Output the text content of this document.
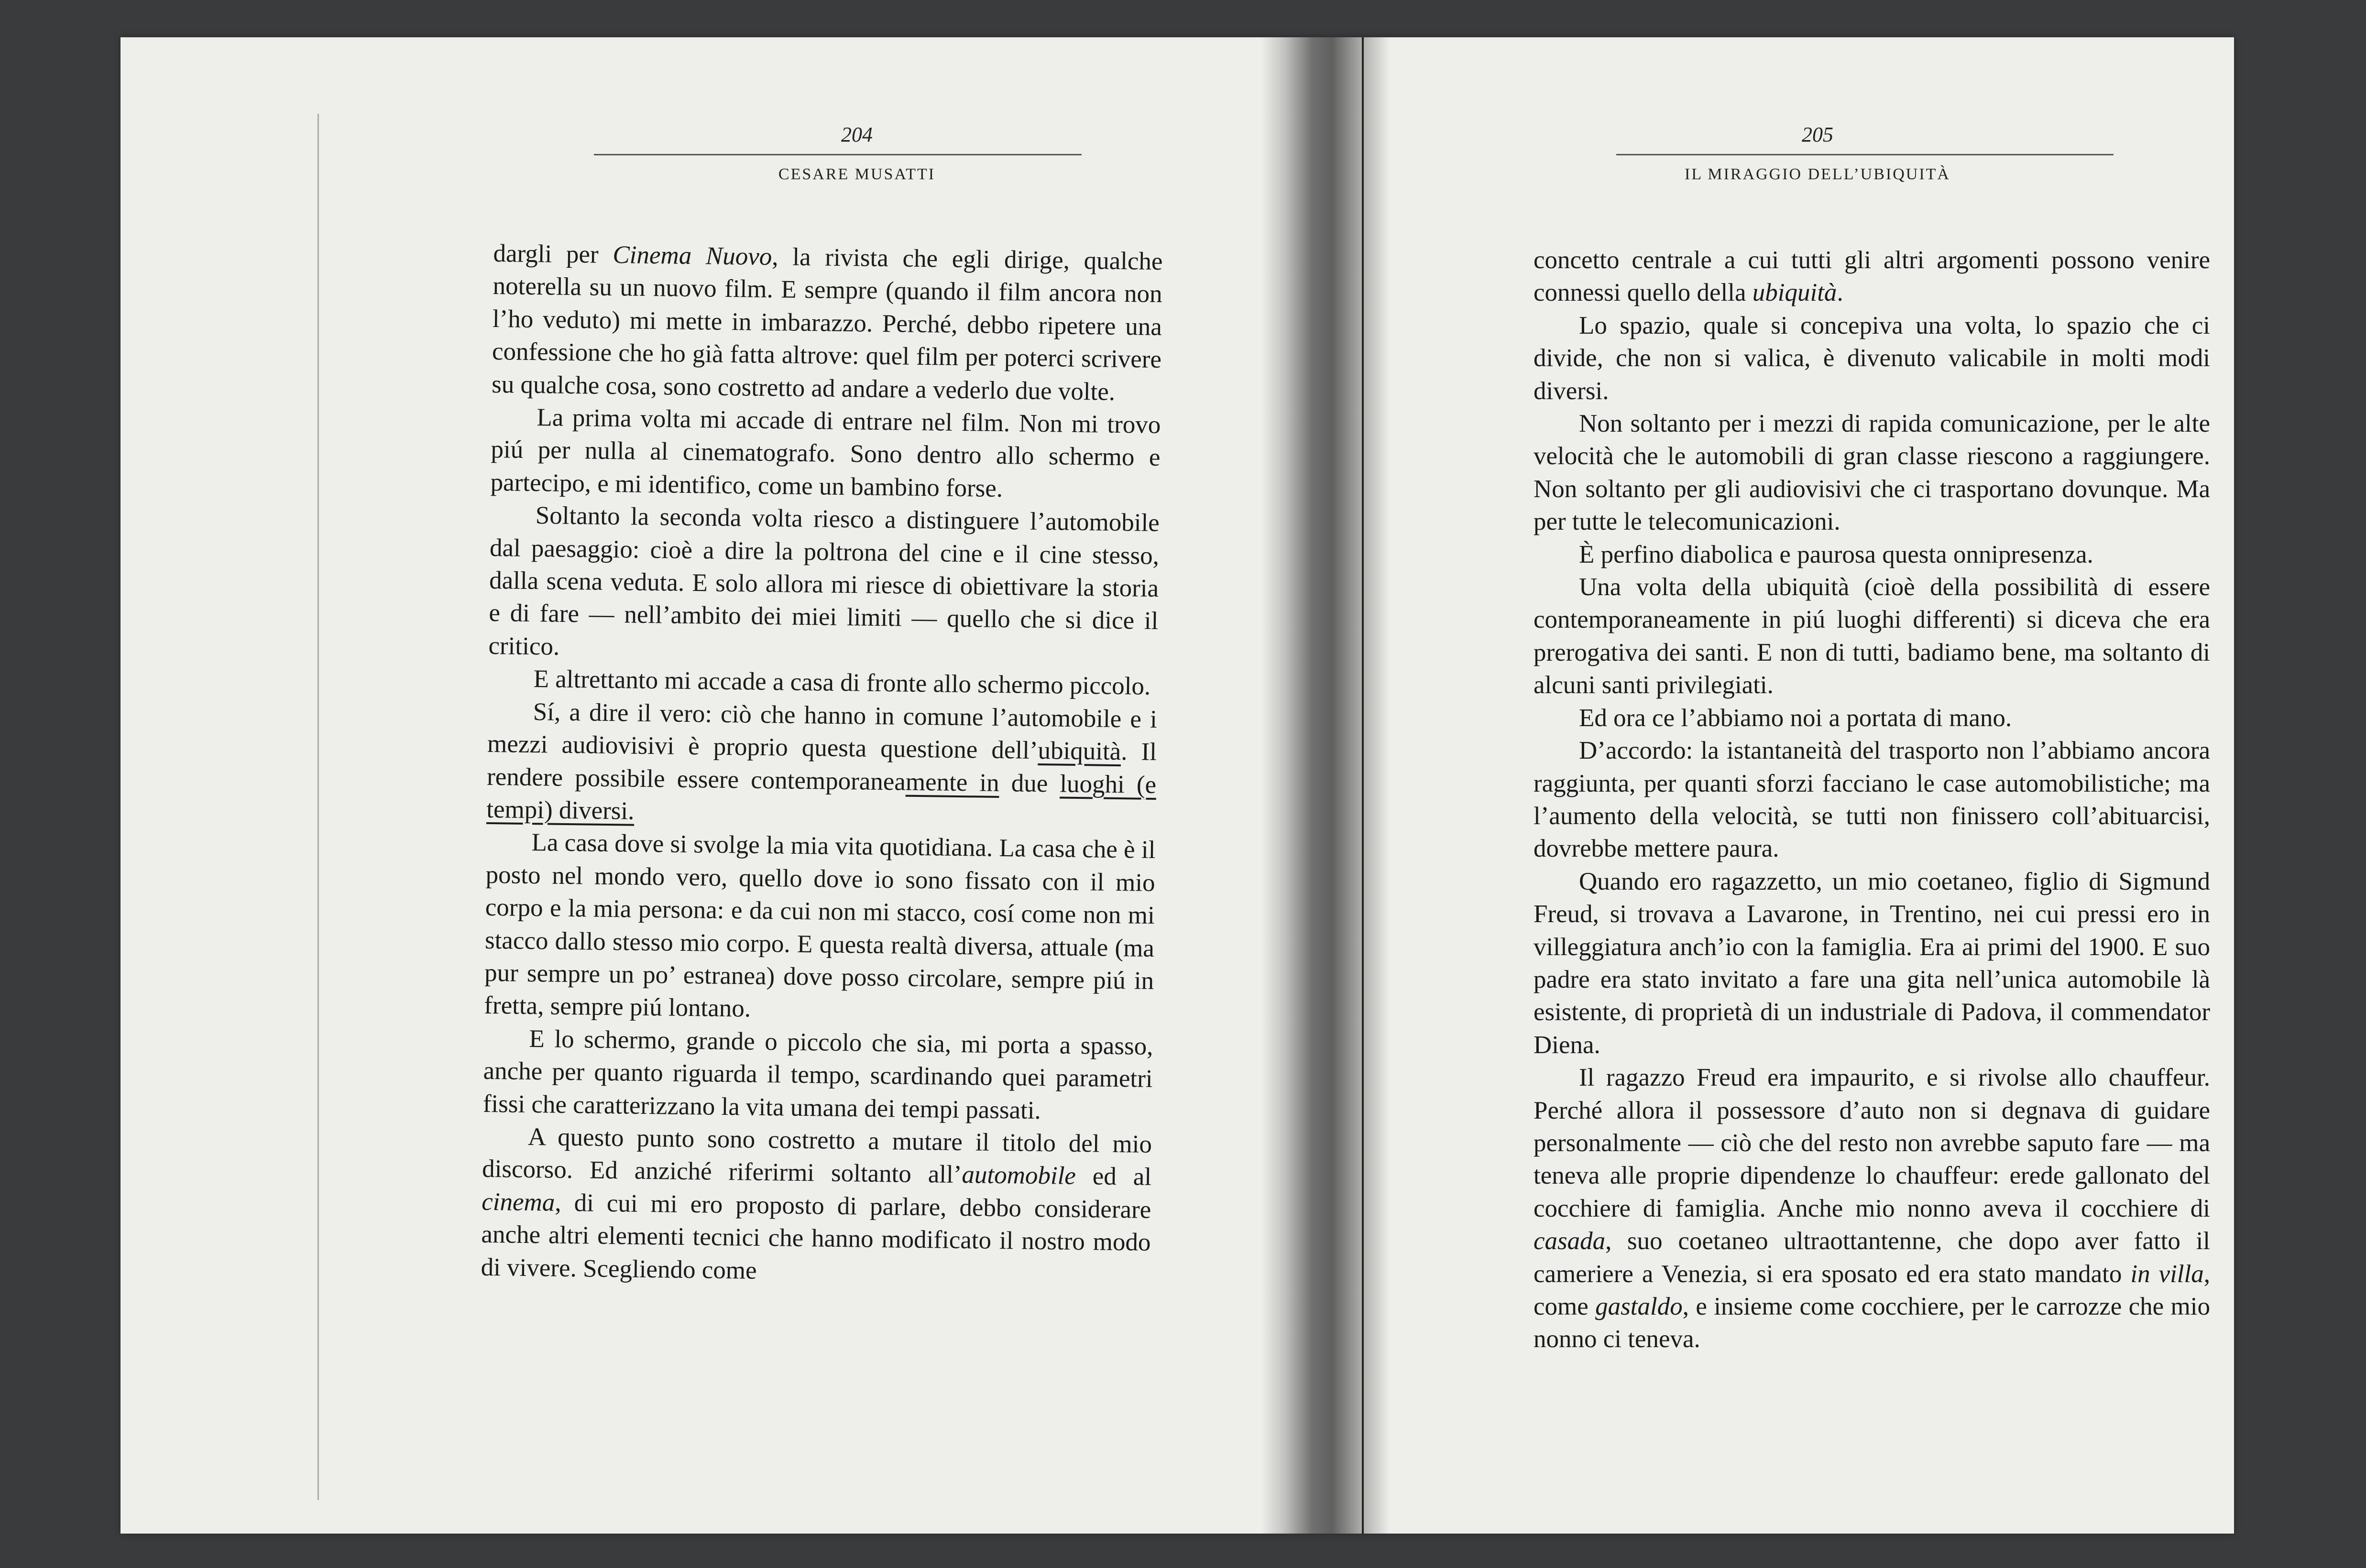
204
CESARE MUSATTI

dargli per Cinema Nuovo, la rivista che egli dirige, qualche noterella su un nuovo film. E sempre (quando il film ancora non l’ho veduto) mi mette in imbarazzo. Perché, debbo ripetere una confessione che ho già fatta altrove: quel film per poterci scrivere su qualche cosa, sono costretto ad andare a vederlo due volte.

La prima volta mi accade di entrare nel film. Non mi trovo piú per nulla al cinematografo. Sono dentro allo schermo e partecipo, e mi identifico, come un bambino forse.

Soltanto la seconda volta riesco a distinguere l’automobile dal paesaggio: cioè a dire la poltrona del cine e il cine stesso, dalla scena veduta. E solo allora mi riesce di obiettivare la storia e di fare — nell’ambito dei miei limiti — quello che si dice il critico.

E altrettanto mi accade a casa di fronte allo schermo piccolo.

Sí, a dire il vero: ciò che hanno in comune l’automobile e i mezzi audiovisivi è proprio questa questione dell’ubiquità. Il rendere possibile essere contemporaneamente in due luoghi (e tempi) diversi.

La casa dove si svolge la mia vita quotidiana. La casa che è il posto nel mondo vero, quello dove io sono fissato con il mio corpo e la mia persona: e da cui non mi stacco, cosí come non mi stacco dallo stesso mio corpo. E questa realtà diversa, attuale (ma pur sempre un po’ estranea) dove posso circolare, sempre piú in fretta, sempre piú lontano.

E lo schermo, grande o piccolo che sia, mi porta a spasso, anche per quanto riguarda il tempo, scardinando quei parametri fissi che caratterizzano la vita umana dei tempi passati.

A questo punto sono costretto a mutare il titolo del mio discorso. Ed anziché riferirmi soltanto all’automobile ed al cinema, di cui mi ero proposto di parlare, debbo considerare anche altri elementi tecnici che hanno modificato il nostro modo di vivere. Scegliendo come

205
IL MIRAGGIO DELL’UBIQUITÀ

concetto centrale a cui tutti gli altri argomenti possono venire connessi quello della ubiquità.

Lo spazio, quale si concepiva una volta, lo spazio che ci divide, che non si valica, è divenuto valicabile in molti modi diversi.

Non soltanto per i mezzi di rapida comunicazione, per le alte velocità che le automobili di gran classe riescono a raggiungere. Non soltanto per gli audiovisivi che ci trasportano dovunque. Ma per tutte le telecomunicazioni.

È perfino diabolica e paurosa questa onnipresenza.

Una volta della ubiquità (cioè della possibilità di essere contemporaneamente in piú luoghi differenti) si diceva che era prerogativa dei santi. E non di tutti, badiamo bene, ma soltanto di alcuni santi privilegiati.

Ed ora ce l’abbiamo noi a portata di mano.

D’accordo: la istantaneità del trasporto non l’abbiamo ancora raggiunta, per quanti sforzi facciano le case automobilistiche; ma l’aumento della velocità, se tutti non finissero coll’abituarcisi, dovrebbe mettere paura.

Quando ero ragazzetto, un mio coetaneo, figlio di Sigmund Freud, si trovava a Lavarone, in Trentino, nei cui pressi ero in villeggiatura anch’io con la famiglia. Era ai primi del 1900. E suo padre era stato invitato a fare una gita nell’unica automobile là esistente, di proprietà di un industriale di Padova, il commendator Diena.

Il ragazzo Freud era impaurito, e si rivolse allo chauffeur. Perché allora il possessore d’auto non si degnava di guidare personalmente — ciò che del resto non avrebbe saputo fare — ma teneva alle proprie dipendenze lo chauffeur: erede gallonato del cocchiere di famiglia. Anche mio nonno aveva il cocchiere di casada, suo coetaneo ultraottantenne, che dopo aver fatto il cameriere a Venezia, si era sposato ed era stato mandato in villa, come gastaldo, e insieme come cocchiere, per le carrozze che mio nonno ci teneva.
